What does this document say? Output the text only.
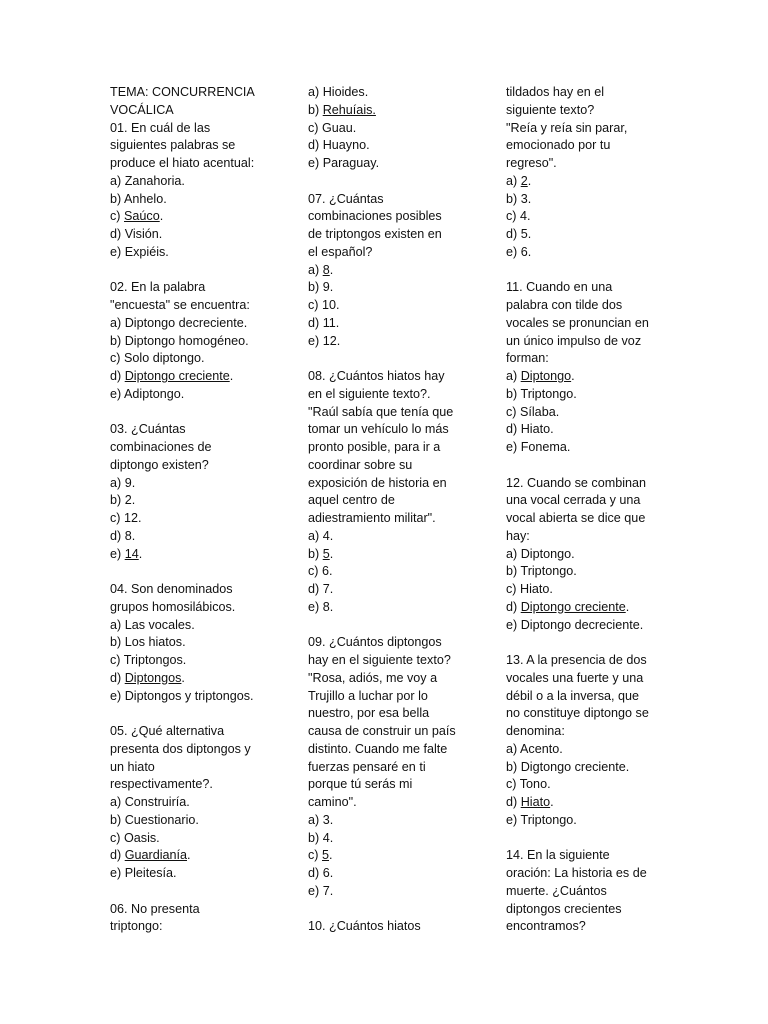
TEMA: CONCURRENCIA
VOCÁLICA
01. En cuál de las
siguientes palabras se
produce el hiato acentual:
a) Zanahoria.
b) Anhelo.
c) Saúco.
d) Visión.
e) Expiéis.
02. En la palabra
"encuesta" se encuentra:
a) Diptongo decreciente.
b) Diptongo homogéneo.
c) Solo diptongo.
d) Diptongo creciente.
e) Adiptongo.
03. ¿Cuántas
combinaciones de
diptongo existen?
a) 9.
b) 2.
c) 12.
d) 8.
e) 14.
04. Son denominados
grupos homosilábicos.
a) Las vocales.
b) Los hiatos.
c) Triptongos.
d) Diptongos.
e) Diptongos y triptongos.
05. ¿Qué alternativa
presenta dos diptongos y
un hiato
respectivamente?.
a) Construiría.
b) Cuestionario.
c) Oasis.
d) Guardianía.
e) Pleitesía.
06. No presenta
triptongo:
a) Hioides.
b) Rehuíais.
c) Guau.
d) Huayno.
e) Paraguay.
07. ¿Cuántas
combinaciones posibles
de triptongos existen en
el español?
a) 8.
b) 9.
c) 10.
d) 11.
e) 12.
08. ¿Cuántos hiatos hay
en el siguiente texto?.
"Raúl sabía que tenía que
tomar un vehículo lo más
pronto posible, para ir a
coordinar sobre su
exposición de historia en
aquel centro de
adiestramiento militar".
a) 4.
b) 5.
c) 6.
d) 7.
e) 8.
09. ¿Cuántos diptongos
hay en el siguiente texto?
"Rosa, adiós, me voy a
Trujillo a luchar por lo
nuestro, por esa bella
causa de construir un país
distinto. Cuando me falte
fuerzas pensaré en ti
porque tú serás mi
camino".
a) 3.
b) 4.
c) 5.
d) 6.
e) 7.
10. ¿Cuántos hiatos
tildados hay en el
siguiente texto?
"Reía y reía sin parar,
emocionado por tu
regreso".
a) 2.
b) 3.
c) 4.
d) 5.
e) 6.
11. Cuando en una
palabra con tilde dos
vocales se pronuncian en
un único impulso de voz
forman:
a) Diptongo.
b) Triptongo.
c) Sílaba.
d) Hiato.
e) Fonema.
12. Cuando se combinan
una vocal cerrada y una
vocal abierta se dice que
hay:
a) Diptongo.
b) Triptongo.
c) Hiato.
d) Diptongo creciente.
e) Diptongo decreciente.
13. A la presencia de dos
vocales una fuerte y una
débil o a la inversa, que
no constituye diptongo se
denomina:
a) Acento.
b) Digtongo creciente.
c) Tono.
d) Hiato.
e) Triptongo.
14. En la siguiente
oración: La historia es de
muerte. ¿Cuántos
diptongos crecientes
encontramos?
